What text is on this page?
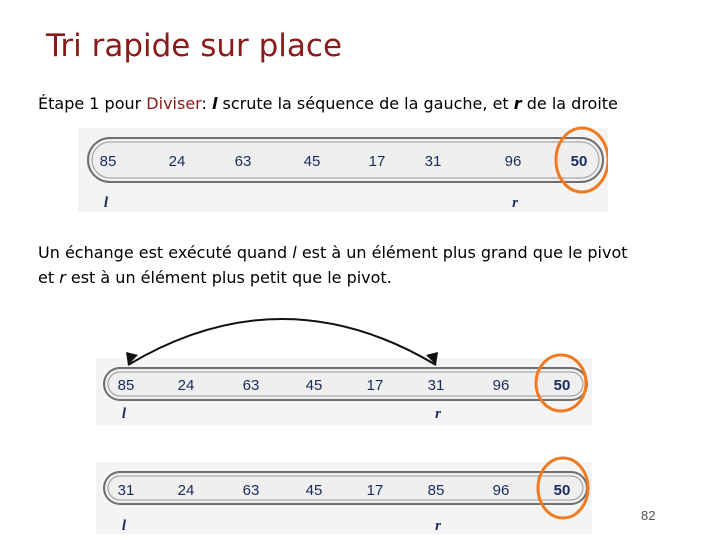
Tri rapide sur place
Étape 1 pour Diviser: l scrute la séquence de la gauche, et r de la droite
Un échange est exécuté quand l est à un élément plus grand que le pivot
et r est à un élément plus petit que le pivot.
85	24	63	45	17	31	96	50
l	r
85	24	63	45	17	31	96	50
l	r
31	24	63	45	17	85	96	50
l	r
82
